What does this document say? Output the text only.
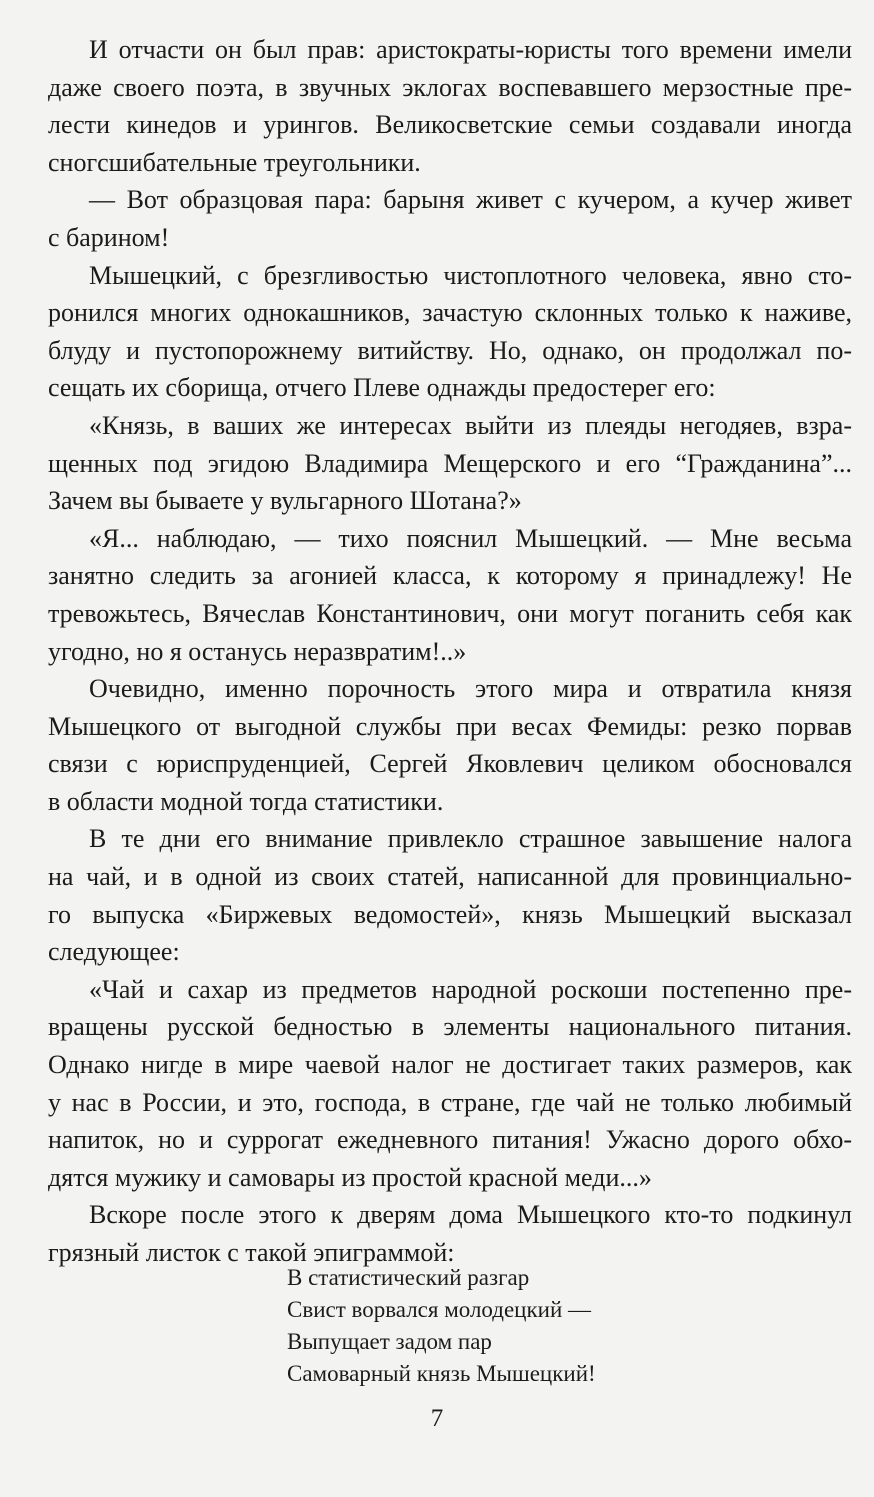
И отчасти он был прав: аристократы-юристы того времени имели
даже своего поэта, в звучных эклогах воспевавшего мерзостные пре-
лести кинедов и урингов. Великосветские семьи создавали иногда
сногсшибательные треугольники.
— Вот образцовая пара: барыня живет с кучером, а кучер живет
с барином!
Мышецкий, с брезгливостью чистоплотного человека, явно сто-
ронился многих однокашников, зачастую склонных только к наживе,
блуду и пустопорожнему витийству. Но, однако, он продолжал по-
сещать их сборища, отчего Плеве однажды предостерег его:
«Князь, в ваших же интересах выйти из плеяды негодяев, взра-
щенных под эгидою Владимира Мещерского и его “Гражданина”...
Зачем вы бываете у вульгарного Шотана?»
«Я... наблюдаю, — тихо пояснил Мышецкий. — Мне весьма
занятно следить за агонией класса, к которому я принадлежу! Не
тревожьтесь, Вячеслав Константинович, они могут поганить себя как
угодно, но я останусь неразвратим!..»
Очевидно, именно порочность этого мира и отвратила князя
Мышецкого от выгодной службы при весах Фемиды: резко порвав
связи с юриспруденцией, Сергей Яковлевич целиком обосновался
в области модной тогда статистики.
В те дни его внимание привлекло страшное завышение налога
на чай, и в одной из своих статей, написанной для провинциально-
го выпуска «Биржевых ведомостей», князь Мышецкий высказал
следующее:
«Чай и сахар из предметов народной роскоши постепенно пре-
вращены русской бедностью в элементы национального питания.
Однако нигде в мире чаевой налог не достигает таких размеров, как
у нас в России, и это, господа, в стране, где чай не только любимый
напиток, но и суррогат ежедневного питания! Ужасно дорого обхо-
дятся мужику и самовары из простой красной меди...»
Вскоре после этого к дверям дома Мышецкого кто-то подкинул
грязный листок с такой эпиграммой:
В статистический разгар
Свист ворвался молодецкий —
Выпущает задом пар
Самоварный князь Мышецкий!
7
